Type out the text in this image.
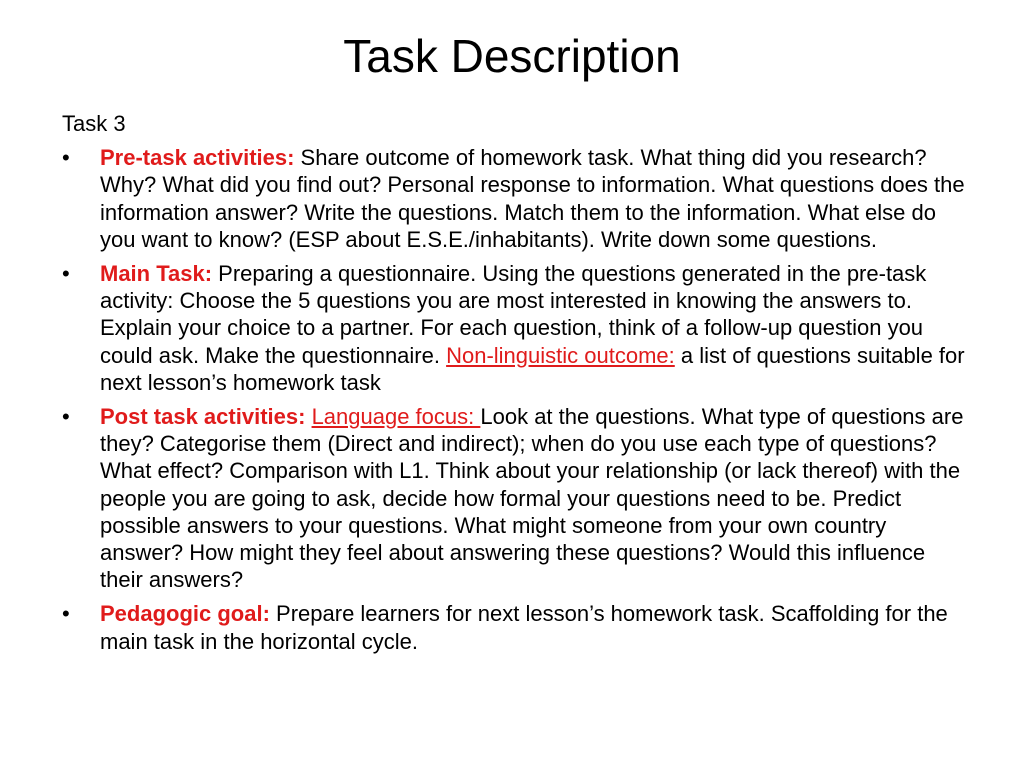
Task Description
Task 3
•	Pre-task activities: Share outcome of homework task. What thing did you research? Why? What did you find out? Personal response to information. What questions does the information answer? Write the questions. Match them to the information. What else do you want to know? (ESP about E.S.E./inhabitants). Write down some questions.
•	Main Task: Preparing a questionnaire. Using the questions generated in the pre-task activity: Choose the 5 questions you are most interested in knowing the answers to. Explain your choice to a partner. For each question, think of a follow-up question you could ask. Make the questionnaire. Non-linguistic outcome: a list of questions suitable for next lesson’s homework task
•	Post task activities: Language focus: Look at the questions. What type of questions are they? Categorise them (Direct and indirect); when do you use each type of questions? What effect? Comparison with L1. Think about your relationship (or lack thereof) with the people you are going to ask, decide how formal your questions need to be. Predict possible answers to your questions. What might someone from your own country answer? How might they feel about answering these questions? Would this influence their answers?
•	Pedagogic goal: Prepare learners for next lesson’s homework task. Scaffolding for the main task in the horizontal cycle.
